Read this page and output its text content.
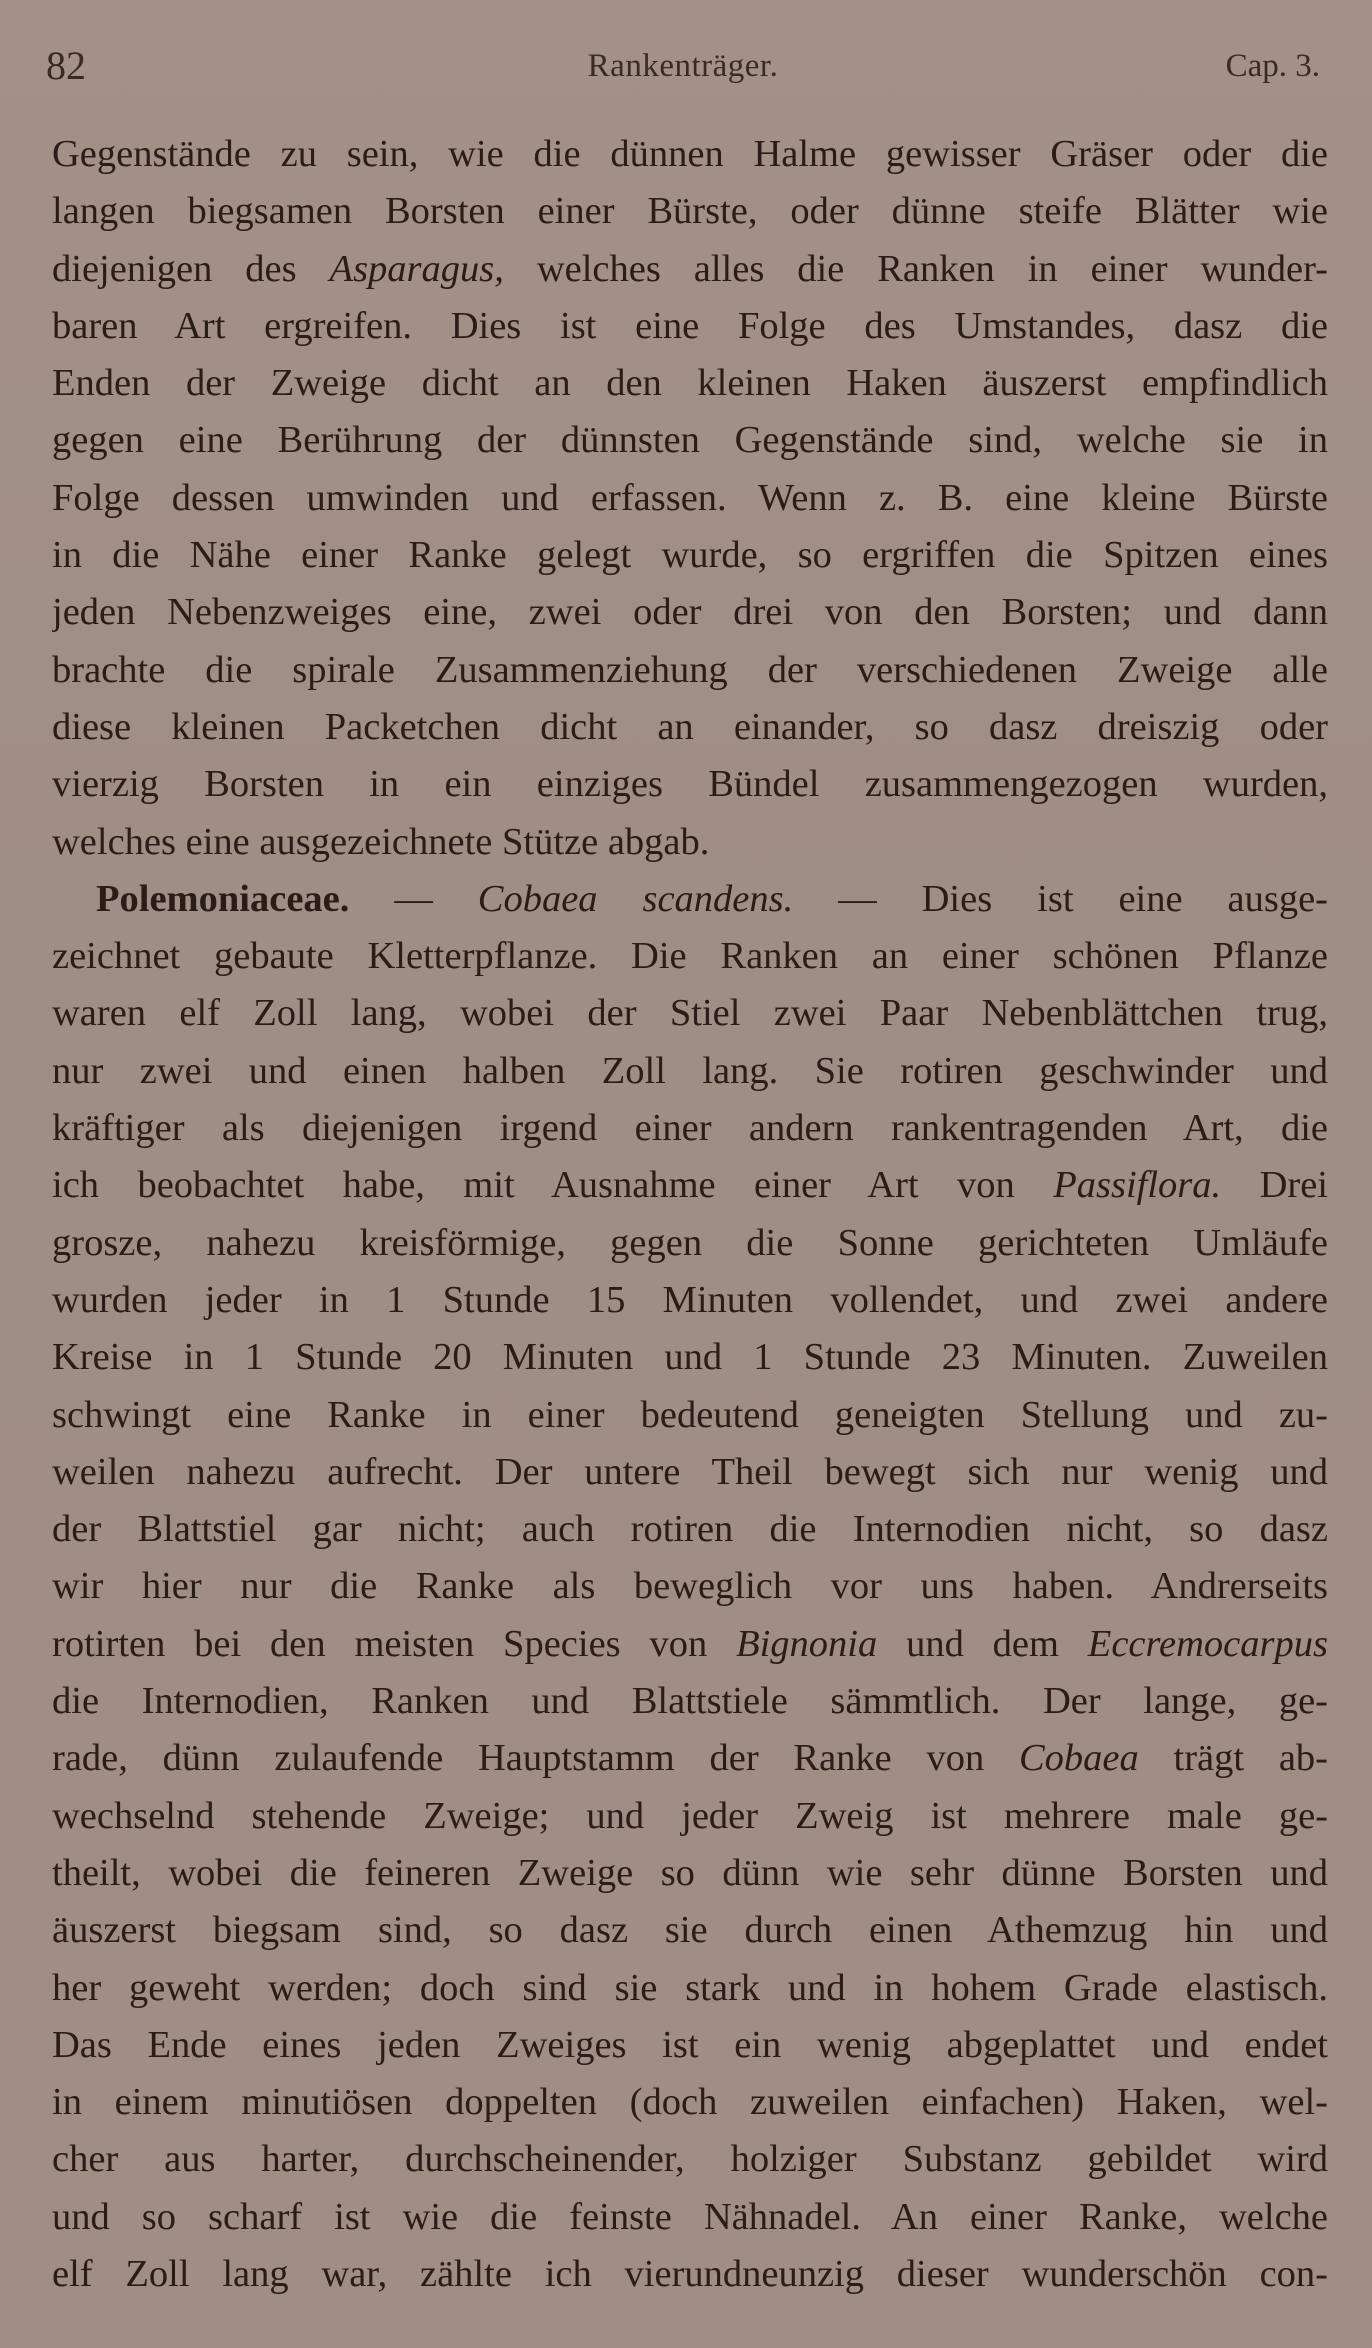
82	Rankenträger.	Cap. 3.
Gegenstände zu sein, wie die dünnen Halme gewisser Gräser oder die
langen biegsamen Borsten einer Bürste, oder dünne steife Blätter wie
diejenigen des Asparagus, welches alles die Ranken in einer wunder-
baren Art ergreifen. Dies ist eine Folge des Umstandes, dasz die
Enden der Zweige dicht an den kleinen Haken äuszerst empfindlich
gegen eine Berührung der dünnsten Gegenstände sind, welche sie in
Folge dessen umwinden und erfassen. Wenn z. B. eine kleine Bürste
in die Nähe einer Ranke gelegt wurde, so ergriffen die Spitzen eines
jeden Nebenzweiges eine, zwei oder drei von den Borsten; und dann
brachte die spirale Zusammenziehung der verschiedenen Zweige alle
diese kleinen Packetchen dicht an einander, so dasz dreiszig oder
vierzig Borsten in ein einziges Bündel zusammengezogen wurden,
welches eine ausgezeichnete Stütze abgab.
Polemoniaceae. — Cobaea scandens. — Dies ist eine ausge-
zeichnet gebaute Kletterpflanze. Die Ranken an einer schönen Pflanze
waren elf Zoll lang, wobei der Stiel zwei Paar Nebenblättchen trug,
nur zwei und einen halben Zoll lang. Sie rotiren geschwinder und
kräftiger als diejenigen irgend einer andern rankentragenden Art, die
ich beobachtet habe, mit Ausnahme einer Art von Passiflora. Drei
grosze, nahezu kreisförmige, gegen die Sonne gerichteten Umläufe
wurden jeder in 1 Stunde 15 Minuten vollendet, und zwei andere
Kreise in 1 Stunde 20 Minuten und 1 Stunde 23 Minuten. Zuweilen
schwingt eine Ranke in einer bedeutend geneigten Stellung und zu-
weilen nahezu aufrecht. Der untere Theil bewegt sich nur wenig und
der Blattstiel gar nicht; auch rotiren die Internodien nicht, so dasz
wir hier nur die Ranke als beweglich vor uns haben. Andrerseits
rotirten bei den meisten Species von Bignonia und dem Eccremocarpus
die Internodien, Ranken und Blattstiele sämmtlich. Der lange, ge-
rade, dünn zulaufende Hauptstamm der Ranke von Cobaea trägt ab-
wechselnd stehende Zweige; und jeder Zweig ist mehrere male ge-
theilt, wobei die feineren Zweige so dünn wie sehr dünne Borsten und
äuszerst biegsam sind, so dasz sie durch einen Athemzug hin und
her geweht werden; doch sind sie stark und in hohem Grade elastisch.
Das Ende eines jeden Zweiges ist ein wenig abgeplattet und endet
in einem minutiösen doppelten (doch zuweilen einfachen) Haken, wel-
cher aus harter, durchscheinender, holziger Substanz gebildet wird
und so scharf ist wie die feinste Nähnadel. An einer Ranke, welche
elf Zoll lang war, zählte ich vierundneunzig dieser wunderschön con-
